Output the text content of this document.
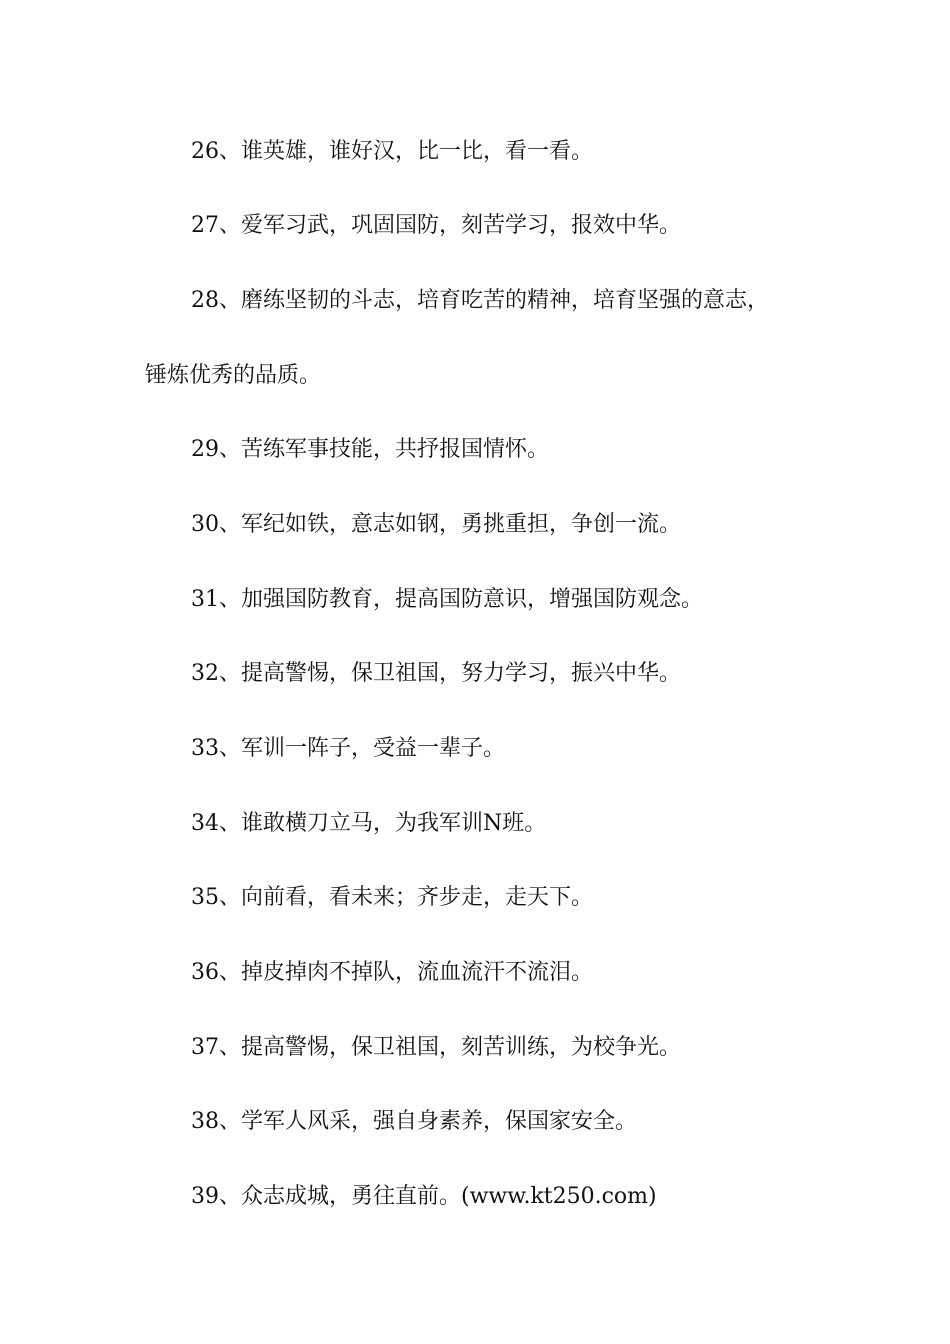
26、谁英雄，谁好汉，比一比，看一看。

27、爱军习武，巩固国防，刻苦学习，报效中华。

28、磨练坚韧的斗志，培育吃苦的精神，培育坚强的意志，

锤炼优秀的品质。

29、苦练军事技能，共抒报国情怀。

30、军纪如铁，意志如钢，勇挑重担，争创一流。

31、加强国防教育，提高国防意识，增强国防观念。

32、提高警惕，保卫祖国，努力学习，振兴中华。

33、军训一阵子，受益一辈子。

34、谁敢横刀立马，为我军训N班。

35、向前看，看未来；齐步走，走天下。

36、掉皮掉肉不掉队，流血流汗不流泪。

37、提高警惕，保卫祖国，刻苦训练，为校争光。

38、学军人风采，强自身素养，保国家安全。

39、众志成城，勇往直前。(www.kt250.com)
